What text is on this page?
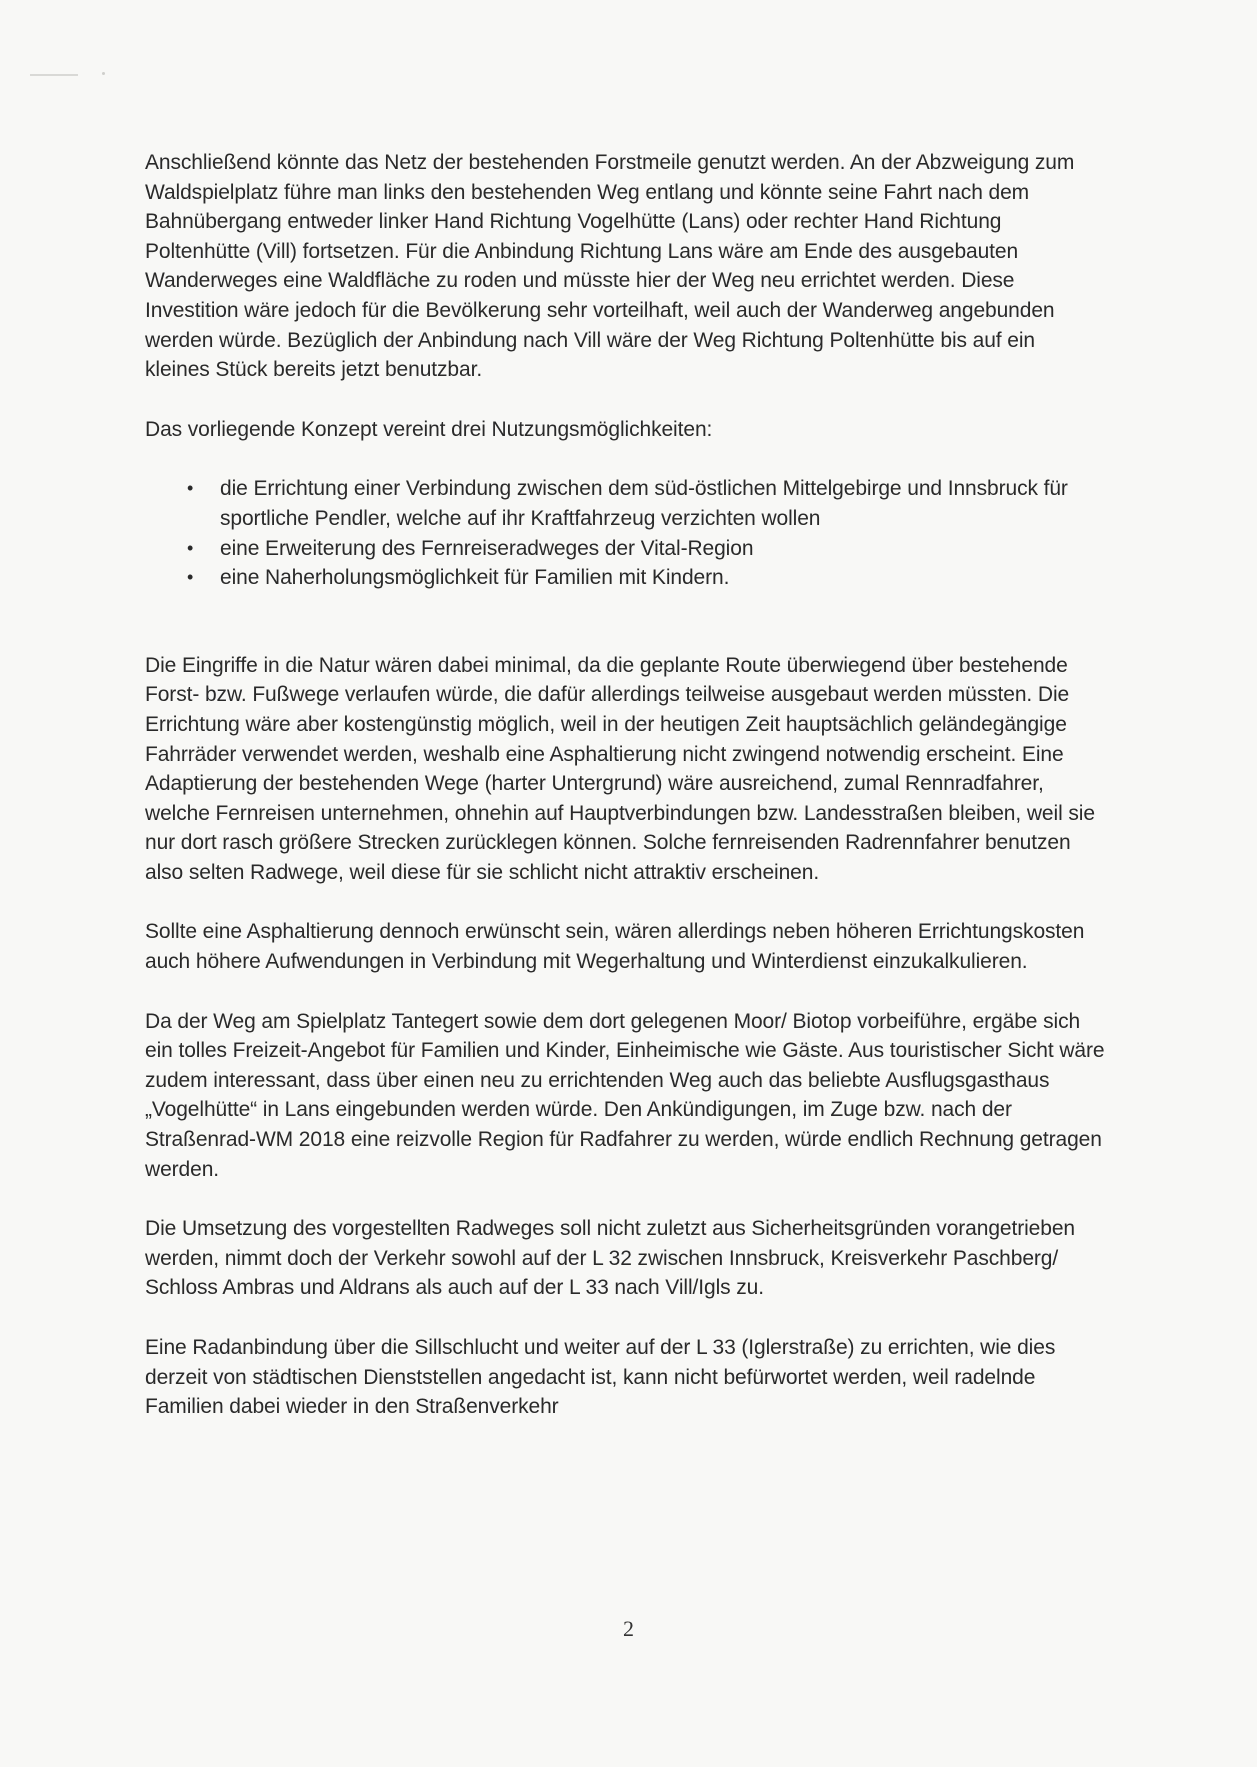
Anschließend könnte das Netz der bestehenden Forstmeile genutzt werden. An der Abzweigung zum Waldspielplatz führe man links den bestehenden Weg entlang und könnte seine Fahrt nach dem Bahnübergang entweder linker Hand Richtung Vogelhütte (Lans) oder rechter Hand Richtung Poltenhütte (Vill) fortsetzen. Für die Anbindung Richtung Lans wäre am Ende des ausgebauten Wanderweges eine Waldfläche zu roden und müsste hier der Weg neu errichtet werden. Diese Investition wäre jedoch für die Bevölkerung sehr vorteilhaft, weil auch der Wanderweg angebunden werden würde. Bezüglich der Anbindung nach Vill wäre der Weg Richtung Poltenhütte bis auf ein kleines Stück bereits jetzt benutzbar.

Das vorliegende Konzept vereint drei Nutzungsmöglichkeiten:

• die Errichtung einer Verbindung zwischen dem süd-östlichen Mittelgebirge und Innsbruck für sportliche Pendler, welche auf ihr Kraftfahrzeug verzichten wollen
• eine Erweiterung des Fernreiseradweges der Vital-Region
• eine Naherholungsmöglichkeit für Familien mit Kindern.

Die Eingriffe in die Natur wären dabei minimal, da die geplante Route überwiegend über bestehende Forst- bzw. Fußwege verlaufen würde, die dafür allerdings teilweise ausgebaut werden müssten. Die Errichtung wäre aber kostengünstig möglich, weil in der heutigen Zeit hauptsächlich geländegängige Fahrräder verwendet werden, weshalb eine Asphaltierung nicht zwingend notwendig erscheint. Eine Adaptierung der bestehenden Wege (harter Untergrund) wäre ausreichend, zumal Rennradfahrer, welche Fernreisen unternehmen, ohnehin auf Hauptverbindungen bzw. Landesstraßen bleiben, weil sie nur dort rasch größere Strecken zurücklegen können. Solche fernreisenden Radrennfahrer benutzen also selten Radwege, weil diese für sie schlicht nicht attraktiv erscheinen.

Sollte eine Asphaltierung dennoch erwünscht sein, wären allerdings neben höheren Errichtungskosten auch höhere Aufwendungen in Verbindung mit Wegerhaltung und Winterdienst einzukalkulieren.

Da der Weg am Spielplatz Tantegert sowie dem dort gelegenen Moor/ Biotop vorbeiführe, ergäbe sich ein tolles Freizeit-Angebot für Familien und Kinder, Einheimische wie Gäste. Aus touristischer Sicht wäre zudem interessant, dass über einen neu zu errichtenden Weg auch das beliebte Ausflugsgasthaus „Vogelhütte“ in Lans eingebunden werden würde. Den Ankündigungen, im Zuge bzw. nach der Straßenrad-WM 2018 eine reizvolle Region für Radfahrer zu werden, würde endlich Rechnung getragen werden.

Die Umsetzung des vorgestellten Radweges soll nicht zuletzt aus Sicherheitsgründen vorangetrieben werden, nimmt doch der Verkehr sowohl auf der L 32 zwischen Innsbruck, Kreisverkehr Paschberg/ Schloss Ambras und Aldrans als auch auf der L 33 nach Vill/Igls zu.

Eine Radanbindung über die Sillschlucht und weiter auf der L 33 (Iglerstraße) zu errichten, wie dies derzeit von städtischen Dienststellen angedacht ist, kann nicht befürwortet werden, weil radelnde Familien dabei wieder in den Straßenverkehr

2
